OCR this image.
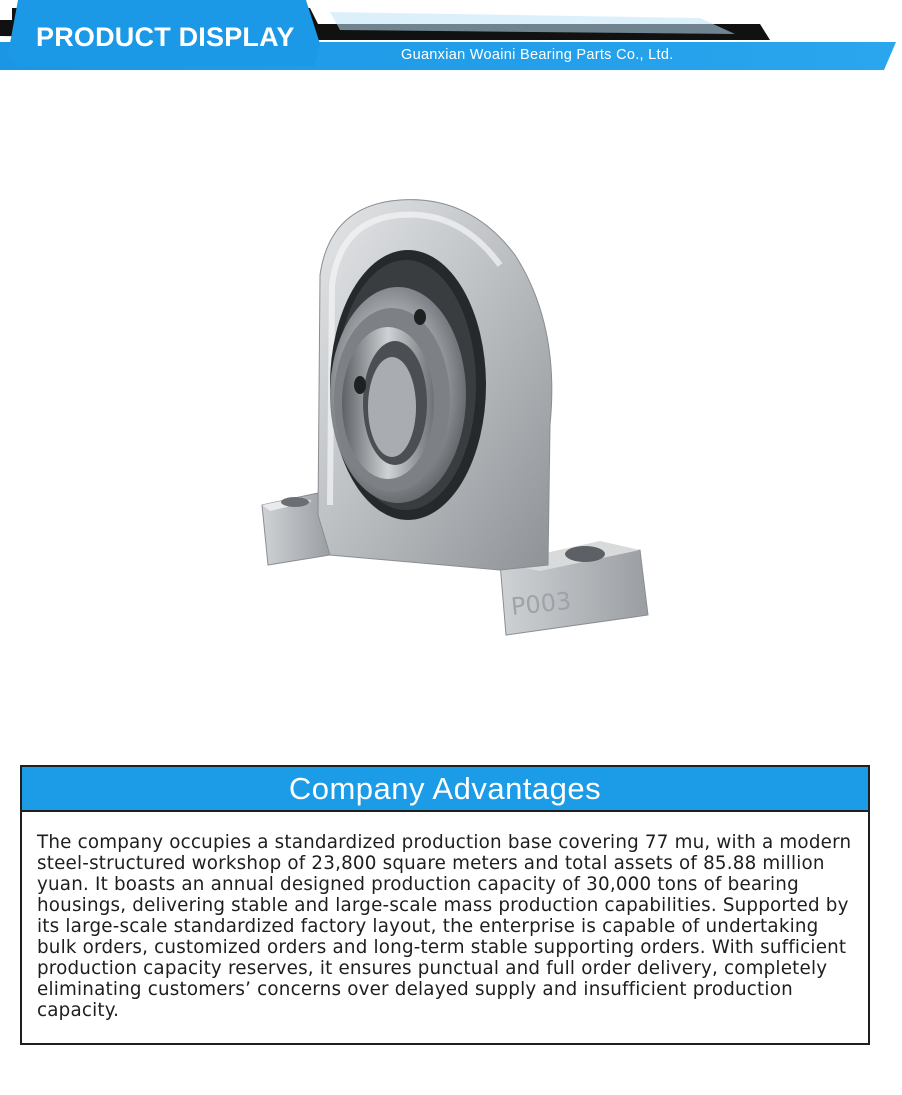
PRODUCT DISPLAY
Guanxian Woaini Bearing Parts Co., Ltd.
P003
Company Advantages
The company occupies a standardized production base covering 77 mu, with a modern steel-structured workshop of 23,800 square meters and total assets of 85.88 million yuan. It boasts an annual designed production capacity of 30,000 tons of bearing housings, delivering stable and large-scale mass production capabilities. Supported by its large-scale standardized factory layout, the enterprise is capable of undertaking bulk orders, customized orders and long-term stable supporting orders. With sufficient production capacity reserves, it ensures punctual and full order delivery, completely eliminating customers’ concerns over delayed supply and insufficient production capacity.
